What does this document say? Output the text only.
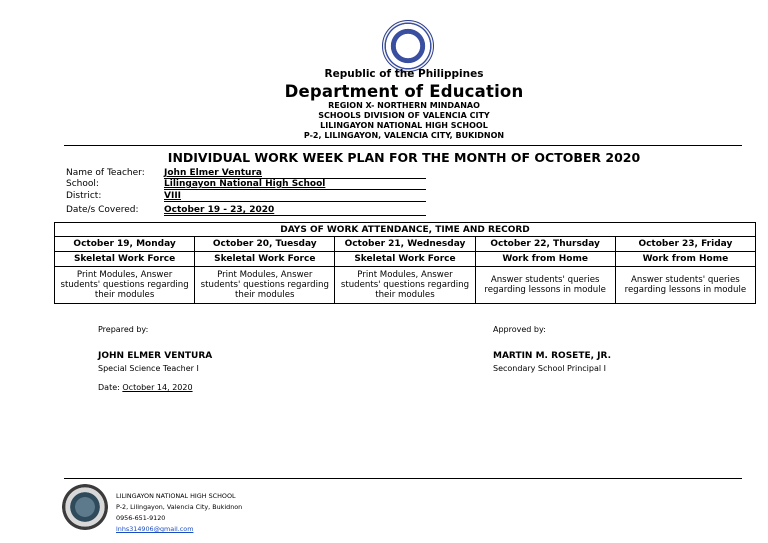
Republic of the Philippines
Department of Education
REGION X- NORTHERN MINDANAO
SCHOOLS DIVISION OF VALENCIA CITY
LILINGAYON NATIONAL HIGH SCHOOL
P-2, LILINGAYON, VALENCIA CITY, BUKIDNON
INDIVIDUAL WORK WEEK PLAN FOR THE MONTH OF OCTOBER 2020
Name of Teacher: John Elmer Ventura
School:	Lilingayon National High School
District:	VIII
Date/s Covered:	October 19 - 23, 2020
DAYS OF WORK ATTENDANCE, TIME AND RECORD				
October 19, Monday	October 20, Tuesday	October 21, Wednesday	October 22, Thursday	October 23, Friday
Skeletal Work Force	Skeletal Work Force	Skeletal Work Force	Work from Home	Work from Home
Print Modules, Answer students' questions regarding their modules	Print Modules, Answer students' questions regarding their modules	Print Modules, Answer students' questions regarding their modules	Answer students' queries regarding lessons in module	Answer students' queries regarding lessons in module
Prepared by:
JOHN ELMER VENTURA
Special Science Teacher I
Date: October 14, 2020
Approved by:
MARTIN M. ROSETE, JR.
Secondary School Principal I
LILINGAYON NATIONAL HIGH SCHOOL
P-2, Lilingayon, Valencia City, Bukidnon
0956-651-9120
lnhs314906@gmail.com
